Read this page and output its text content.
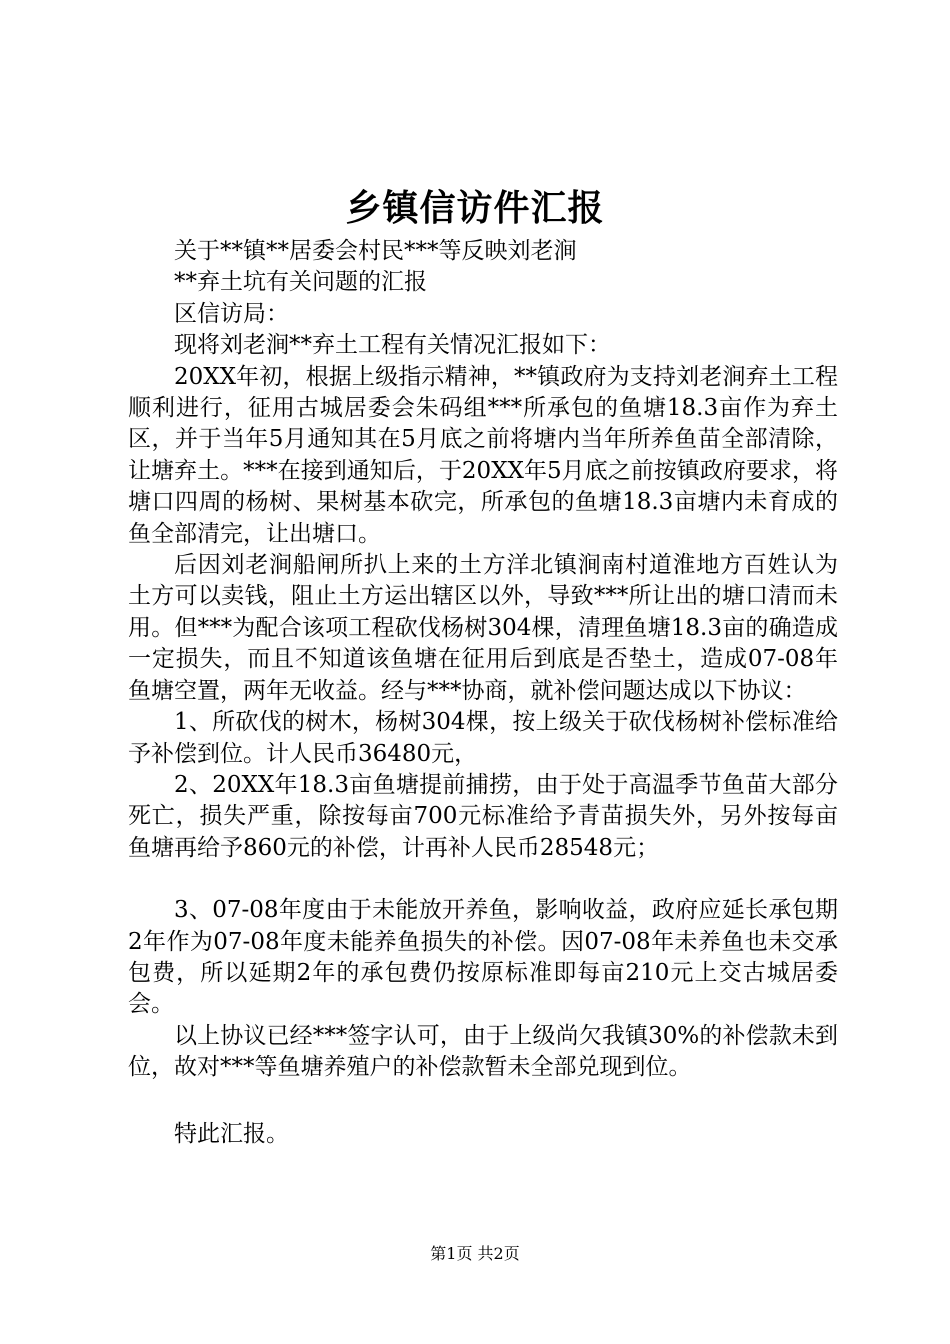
乡镇信访件汇报

关于**镇**居委会村民***等反映刘老涧

**弃土坑有关问题的汇报

区信访局：

现将刘老涧**弃土工程有关情况汇报如下：

20XX年初，根据上级指示精神，**镇政府为支持刘老涧弃土工程顺利进行，征用古城居委会朱码组***所承包的鱼塘18.3亩作为弃土区，并于当年5月通知其在5月底之前将塘内当年所养鱼苗全部清除，让塘弃土。***在接到通知后，于20XX年5月底之前按镇政府要求，将塘口四周的杨树、果树基本砍完，所承包的鱼塘18.3亩塘内未育成的鱼全部清完，让出塘口。

后因刘老涧船闸所扒上来的土方洋北镇涧南村道淮地方百姓认为土方可以卖钱，阻止土方运出辖区以外，导致***所让出的塘口清而未用。但***为配合该项工程砍伐杨树304棵，清理鱼塘18.3亩的确造成一定损失，而且不知道该鱼塘在征用后到底是否垫土，造成07-08年鱼塘空置，两年无收益。经与***协商，就补偿问题达成以下协议：

1、所砍伐的树木，杨树304棵，按上级关于砍伐杨树补偿标准给予补偿到位。计人民币36480元，

2、20XX年18.3亩鱼塘提前捕捞，由于处于高温季节鱼苗大部分死亡，损失严重，除按每亩700元标准给予青苗损失外，另外按每亩鱼塘再给予860元的补偿，计再补人民币28548元；

3、07-08年度由于未能放开养鱼，影响收益，政府应延长承包期2年作为07-08年度未能养鱼损失的补偿。因07-08年未养鱼也未交承包费，所以延期2年的承包费仍按原标准即每亩210元上交古城居委会。

以上协议已经***签字认可，由于上级尚欠我镇30%的补偿款未到位，故对***等鱼塘养殖户的补偿款暂未全部兑现到位。

特此汇报。

第1页 共2页
